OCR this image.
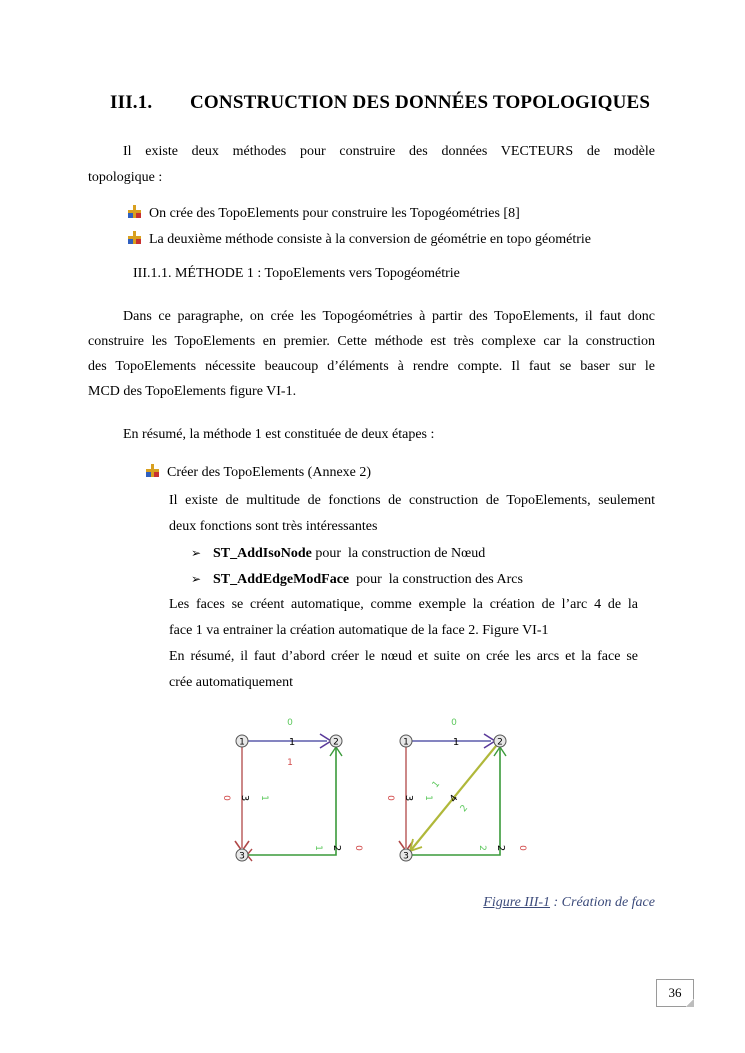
III.1. CONSTRUCTION DES DONNÉES TOPOLOGIQUES
Il existe deux méthodes pour construire des données VECTEURS de modèle
topologique :
On crée des TopoElements pour construire les Topogéométries [8]
La deuxième méthode consiste à la conversion de géométrie en topo géométrie
III.1.1. MÉTHODE 1 : TopoElements vers Topogéométrie
Dans ce paragraphe, on crée les Topogéométries à partir des TopoElements, il faut donc
construire les TopoElements en premier. Cette méthode est très complexe car la construction
des TopoElements nécessite beaucoup d’éléments à rendre compte. Il faut se baser sur le
MCD des TopoElements figure VI-1.
En résumé, la méthode 1 est constituée de deux étapes :
Créer des TopoElements (Annexe 2)
Il existe de multitude de fonctions de construction de TopoElements, seulement
deux fonctions sont très intéressantes
➢ ST_AddIsoNode pour  la construction de Nœud
➢ ST_AddEdgeModFace  pour  la construction des Arcs
Les faces se créent automatique, comme exemple la création de l’arc 4 de la
face 1 va entrainer la création automatique de la face 2. Figure VI-1
En résumé, il faut d’abord créer le nœud et suite on crée les arcs et la face se
crée automatiquement
1	2
3
1
3
2
1
0
0
0
1
1
1	2
3
1
3
2
4
0
0
0
1
1
2
2
Figure III-1 : Création de face
36
